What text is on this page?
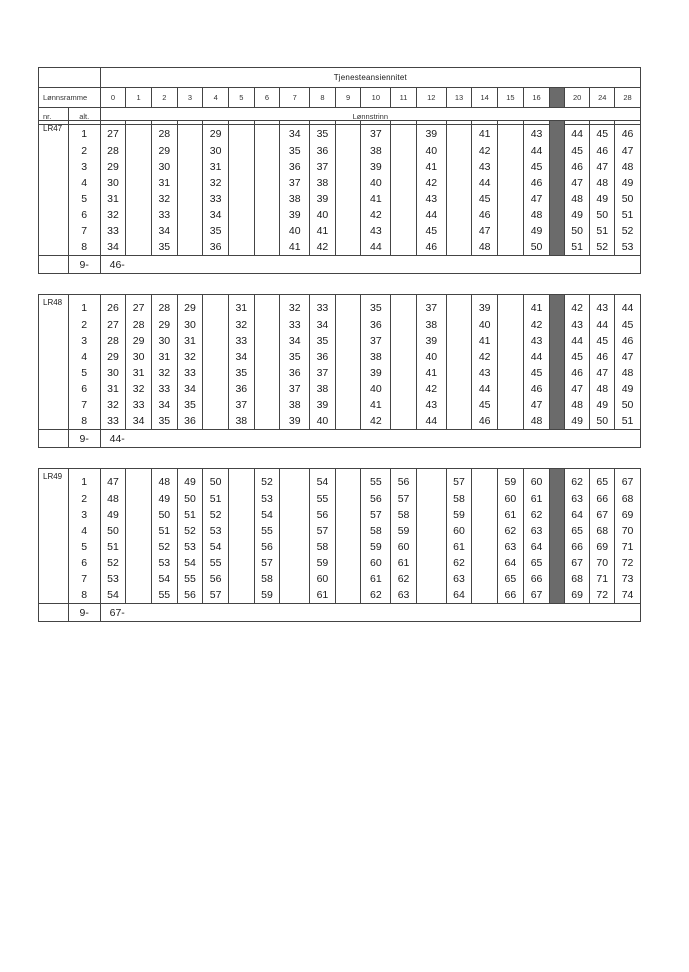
		Tjenesteansiennitet																				
Lønnsramme		0	1	2	3	4	5	6	7	8	9	10	11	12	13	14	15	16		20	24	28
nr.	alt.	Lønnstrinn																				
LR47	1	27		28		29			34	35		37		39		41		43		44	45	46
	2	28		29		30			35	36		38		40		42		44		45	46	47
	3	29		30		31			36	37		39		41		43		45		46	47	48
	4	30		31		32			37	38		40		42		44		46		47	48	49
	5	31		32		33			38	39		41		43		45		47		48	49	50
	6	32		33		34			39	40		42		44		46		48		49	50	51
	7	33		34		35			40	41		43		45		47		49		50	51	52
	8	34		35		36			41	42		44		46		48		50		51	52	53
	9-	46-																				
LR48	1	26	27	28	29		31		32	33		35		37		39		41		42	43	44
	2	27	28	29	30		32		33	34		36		38		40		42		43	44	45
	3	28	29	30	31		33		34	35		37		39		41		43		44	45	46
	4	29	30	31	32		34		35	36		38		40		42		44		45	46	47
	5	30	31	32	33		35		36	37		39		41		43		45		46	47	48
	6	31	32	33	34		36		37	38		40		42		44		46		47	48	49
	7	32	33	34	35		37		38	39		41		43		45		47		48	49	50
	8	33	34	35	36		38		39	40		42		44		46		48		49	50	51
	9-	44-																				
LR49	1	47		48	49	50		52		54		55	56		57		59	60		62	65	67
	2	48		49	50	51		53		55		56	57		58		60	61		63	66	68
	3	49		50	51	52		54		56		57	58		59		61	62		64	67	69
	4	50		51	52	53		55		57		58	59		60		62	63		65	68	70
	5	51		52	53	54		56		58		59	60		61		63	64		66	69	71
	6	52		53	54	55		57		59		60	61		62		64	65		67	70	72
	7	53		54	55	56		58		60		61	62		63		65	66		68	71	73
	8	54		55	56	57		59		61		62	63		64		66	67		69	72	74
	9-	67-																				
